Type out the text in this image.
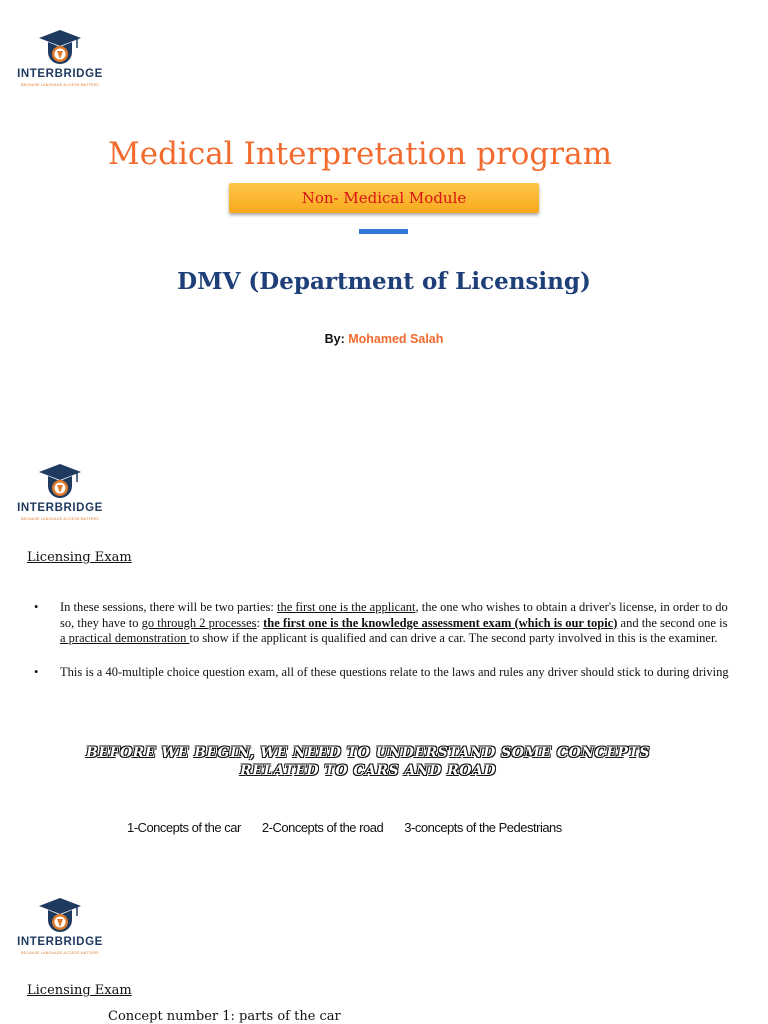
INTERBRIDGE
BECAUSE LANGUAGE ACCESS MATTERS
Medical Interpretation program
Non- Medical Module
DMV (Department of Licensing)
By: Mohamed Salah
INTERBRIDGE
BECAUSE LANGUAGE ACCESS MATTERS
Licensing Exam
• In these sessions, there will be two parties: the first one is the applicant, the one who wishes to obtain a driver's license, in order to do so, they have to go through 2 processes: the first one is the knowledge assessment exam (which is our topic) and the second one is a practical demonstration to show if the applicant is qualified and can drive a car. The second party involved in this is the examiner.
• This is a 40-multiple choice question exam, all of these questions relate to the laws and rules any driver should stick to during driving
BEFORE WE BEGIN, WE NEED TO UNDERSTAND SOME CONCEPTS
RELATED TO CARS AND ROAD
1-Concepts of the car 2-Concepts of the road 3-concepts of the Pedestrians
INTERBRIDGE
BECAUSE LANGUAGE ACCESS MATTERS
Licensing Exam
Concept number 1: parts of the car
